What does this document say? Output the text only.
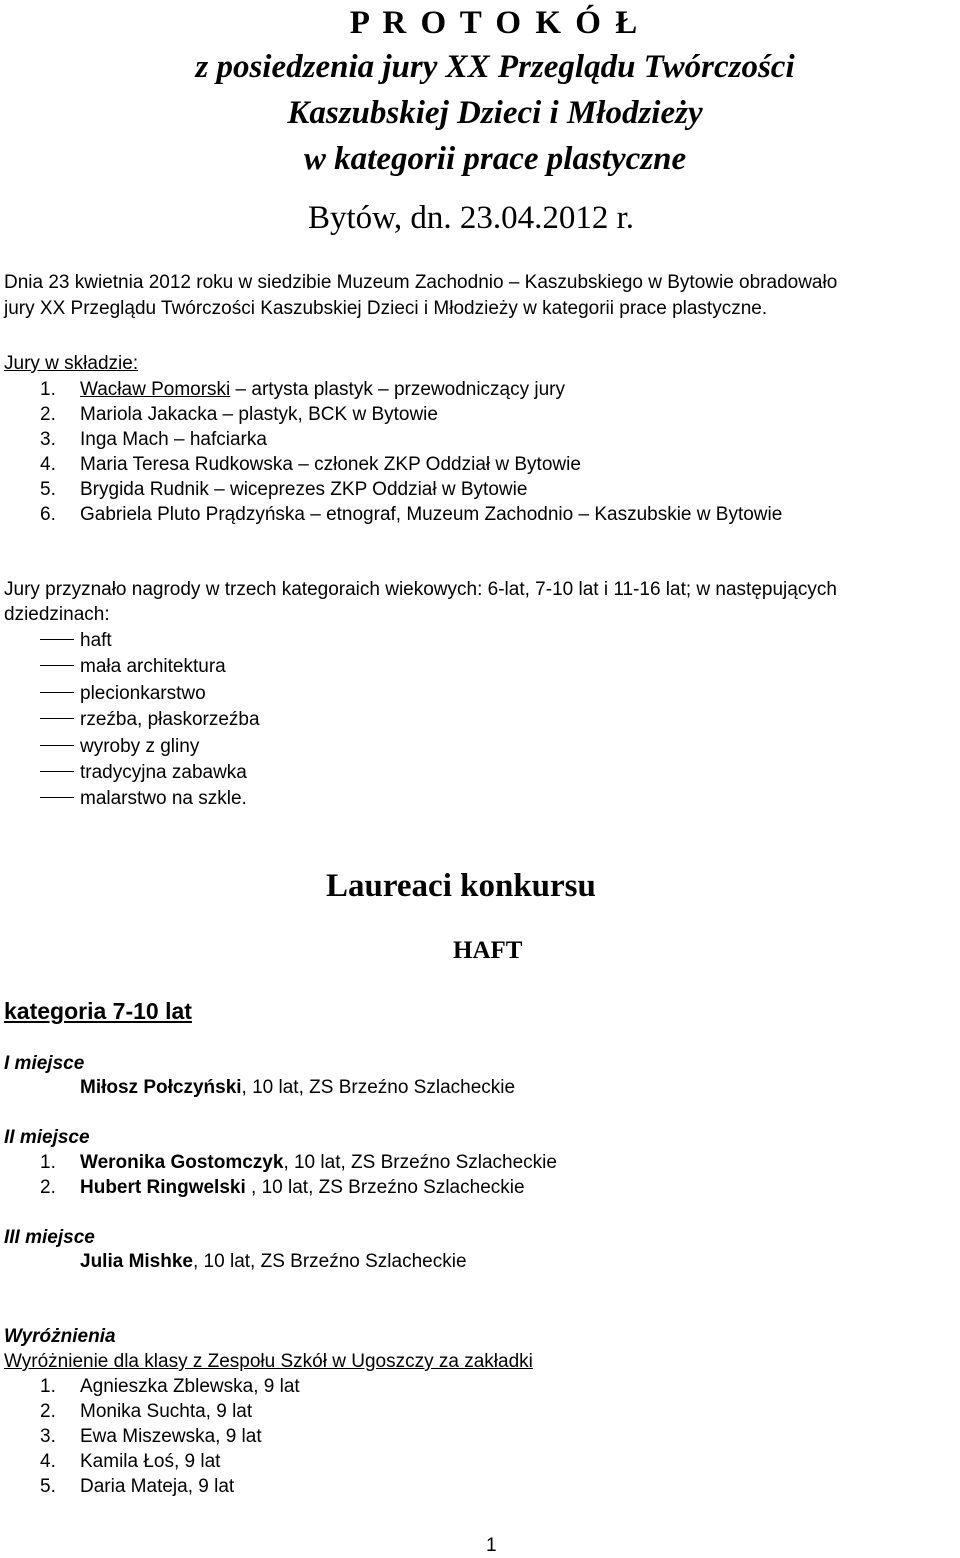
P R O T O K Ó Ł
z posiedzenia jury XX Przeglądu Twórczości
Kaszubskiej Dzieci i Młodzieży
w kategorii prace plastyczne
Bytów, dn. 23.04.2012 r.
Dnia 23 kwietnia 2012 roku w siedzibie Muzeum Zachodnio – Kaszubskiego w Bytowie obradowało
jury XX Przeglądu Twórczości Kaszubskiej Dzieci i Młodzieży w kategorii prace plastyczne.
Jury w składzie:
1.	Wacław Pomorski – artysta plastyk – przewodniczący jury
2.	Mariola Jakacka – plastyk, BCK w Bytowie
3.	Inga Mach – hafciarka
4.	Maria Teresa Rudkowska – członek ZKP Oddział w Bytowie
5.	Brygida Rudnik – wiceprezes ZKP Oddział w Bytowie
6.	Gabriela Pluto Prądzyńska – etnograf, Muzeum Zachodnio – Kaszubskie w Bytowie
Jury przyznało nagrody w trzech kategoraich wiekowych: 6-lat, 7-10 lat i 11-16 lat; w następujących
dziedzinach:
haft
mała architektura
plecionkarstwo
rzeźba, płaskorzeźba
wyroby z gliny
tradycyjna zabawka
malarstwo na szkle.
Laureaci konkursu
HAFT
kategoria 7-10 lat
I miejsce
Miłosz Połczyński, 10 lat, ZS Brzeźno Szlacheckie
II miejsce
1.	Weronika Gostomczyk, 10 lat, ZS Brzeźno Szlacheckie
2.	Hubert Ringwelski , 10 lat, ZS Brzeźno Szlacheckie
III miejsce
Julia Mishke, 10 lat, ZS Brzeźno Szlacheckie
Wyróżnienia
Wyróżnienie dla klasy z Zespołu Szkół w Ugoszczy za zakładki
1.	Agnieszka Zblewska, 9 lat
2.	Monika Suchta, 9 lat
3.	Ewa Miszewska, 9 lat
4.	Kamila Łoś, 9 lat
5.	Daria Mateja, 9 lat
1
